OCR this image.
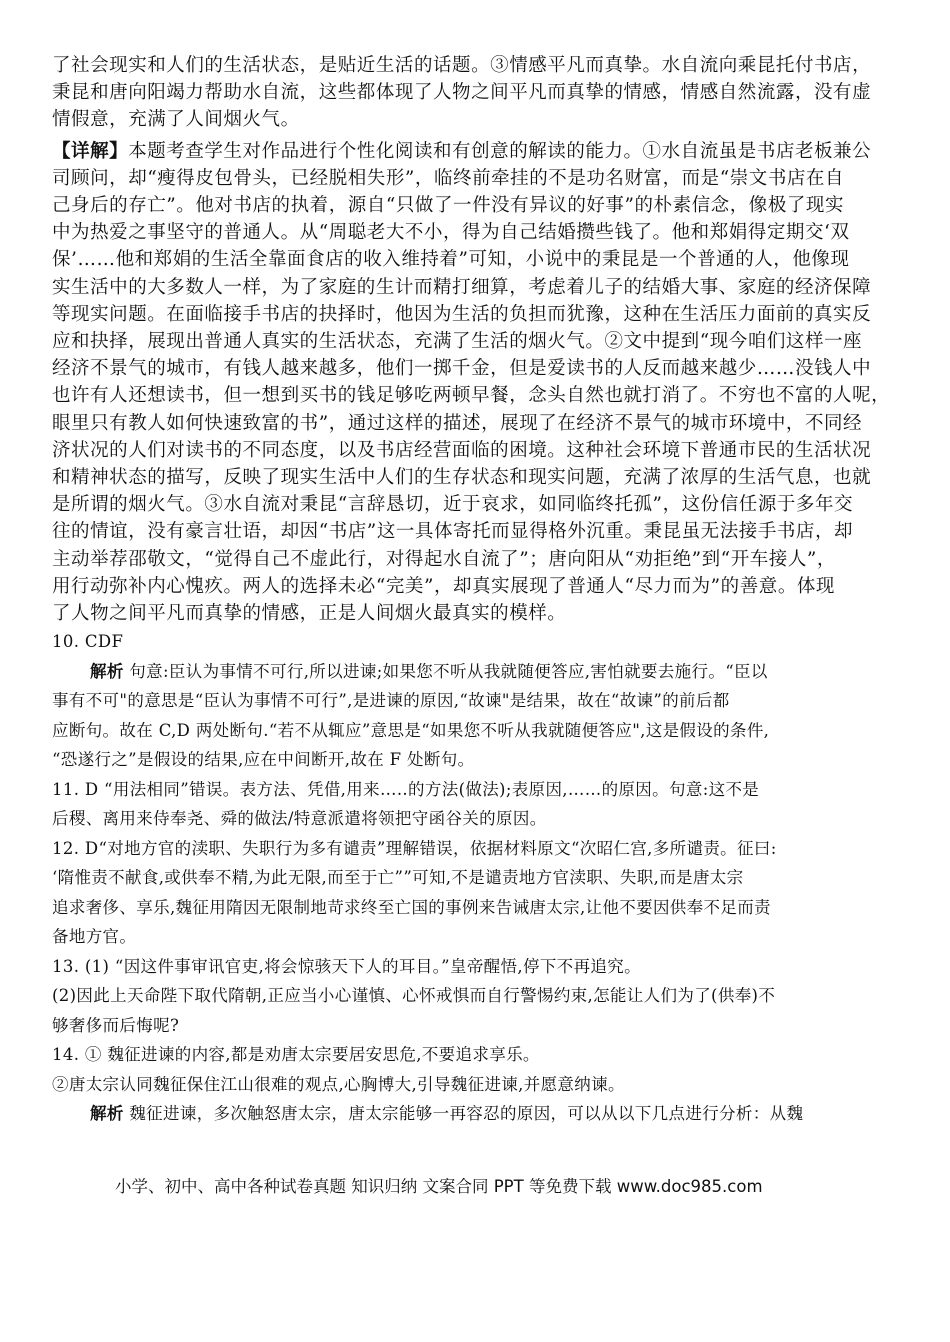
了社会现实和人们的生活状态，是贴近生活的话题。③情感平凡而真挚。水自流向乘昆托付书店，
秉昆和唐向阳竭力帮助水自流，这些都体现了人物之间平凡而真挚的情感，情感自然流露，没有虚
情假意，充满了人间烟火气。
【详解】本题考查学生对作品进行个性化阅读和有创意的解读的能力。①水自流虽是书店老板兼公
司顾问，却“瘦得皮包骨头，已经脱相失形”，临终前牵挂的不是功名财富，而是“崇文书店在自
己身后的存亡”。他对书店的执着，源自“只做了一件没有异议的好事”的朴素信念，像极了现实
中为热爱之事坚守的普通人。从“周聪老大不小，得为自己结婚攒些钱了。他和郑娟得定期交‘双
保’……他和郑娟的生活全靠面食店的收入维持着”可知，小说中的秉昆是一个普通的人，他像现
实生活中的大多数人一样，为了家庭的生计而精打细算，考虑着儿子的结婚大事、家庭的经济保障
等现实问题。在面临接手书店的抉择时，他因为生活的负担而犹豫，这种在生活压力面前的真实反
应和抉择，展现出普通人真实的生活状态，充满了生活的烟火气。②文中提到“现今咱们这样一座
经济不景气的城市，有钱人越来越多，他们一掷千金，但是爱读书的人反而越来越少……没钱人中
也许有人还想读书，但一想到买书的钱足够吃两顿早餐，念头自然也就打消了。不穷也不富的人呢，
眼里只有教人如何快速致富的书”，通过这样的描述，展现了在经济不景气的城市环境中，不同经
济状况的人们对读书的不同态度，以及书店经营面临的困境。这种社会环境下普通市民的生活状况
和精神状态的描写，反映了现实生活中人们的生存状态和现实问题，充满了浓厚的生活气息，也就
是所谓的烟火气。③水自流对秉昆“言辞恳切，近于哀求，如同临终托孤”，这份信任源于多年交
往的情谊，没有豪言壮语，却因“书店”这一具体寄托而显得格外沉重。秉昆虽无法接手书店，却
主动举荐邵敬文，“觉得自己不虚此行，对得起水自流了”；唐向阳从“劝拒绝”到“开车接人”，
用行动弥补内心愧疚。两人的选择未必“完美”，却真实展现了普通人“尽力而为”的善意。体现
了人物之间平凡而真挚的情感，正是人间烟火最真实的模样。
10. CDF
解析 句意:臣认为事情不可行,所以进谏;如果您不听从我就随便答应,害怕就要去施行。“臣以
事有不可"的意思是“臣认为事情不可行”,是进谏的原因,“故谏"是结果，故在“故谏”的前后都
应断句。故在 C,D 两处断句.“若不从辄应”意思是“如果您不听从我就随便答应",这是假设的条件,
“恐遂行之”是假设的结果,应在中间断开,故在 F 处断句。
11. D “用法相同”错误。表方法、凭借,用来…..的方法(做法);表原因,……的原因。句意:这不是
后稷、离用来侍奉尧、舜的做法/特意派遣将领把守函谷关的原因。
12. D“对地方官的渎职、失职行为多有谴责”理解错误，依据材料原文“次昭仁宫,多所谴责。征曰:
‘隋惟责不献食,或供奉不精,为此无限,而至于亡””可知,不是谴责地方官渎职、失职,而是唐太宗
追求奢侈、享乐,魏征用隋因无限制地苛求终至亡国的事例来告诫唐太宗,让他不要因供奉不足而责
备地方官。
13. (1) “因这件事审讯官吏,将会惊骇天下人的耳目。”皇帝醒悟,停下不再追究。
(2)因此上天命陛下取代隋朝,正应当小心谨慎、心怀戒惧而自行警惕约束,怎能让人们为了(供奉)不
够奢侈而后悔呢?
14. ① 魏征进谏的内容,都是劝唐太宗要居安思危,不要追求享乐。
②唐太宗认同魏征保住江山很难的观点,心胸博大,引导魏征进谏,并愿意纳谏。
解析 魏征进谏，多次触怒唐太宗，唐太宗能够一再容忍的原因，可以从以下几点进行分析：从魏
小学、初中、高中各种试卷真题 知识归纳 文案合同 PPT 等免费下载 www.doc985.com
